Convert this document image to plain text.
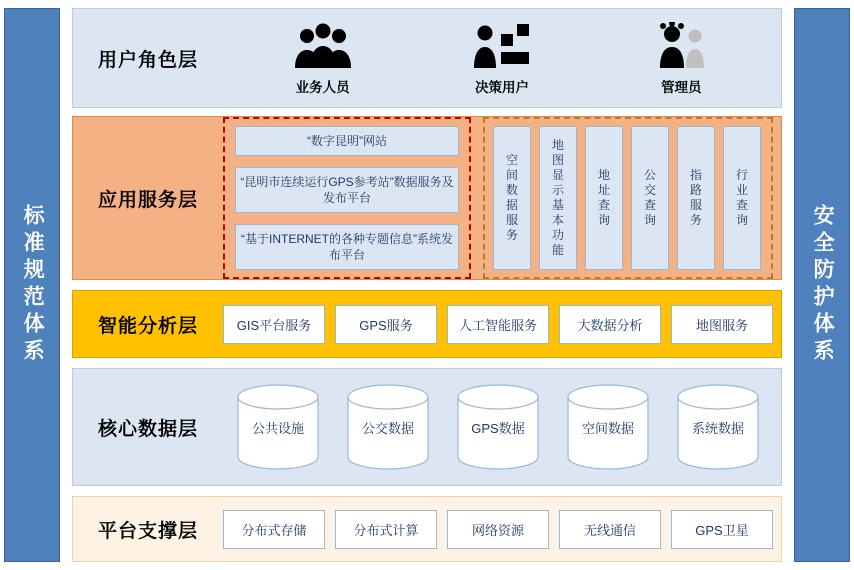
标准规范体系	安全防护体系
用户角色层
业务人员	决策用户	管理员
应用服务层
“数字昆明”网站
“昆明市连续运行GPS参考站”数据服务及发布平台
“基于INTERNET的各种专题信息”系统发布平台
空间数据服务
地图显示基本功能
地址查询
公交查询
指路服务
行业查询
智能分析层	GIS平台服务	GPS服务	人工智能服务	大数据分析	地图服务
核心数据层	公共设施	公交数据	GPS数据	空间数据	系统数据
平台支撑层	分布式存储	分布式计算	网络资源	无线通信	GPS卫星
